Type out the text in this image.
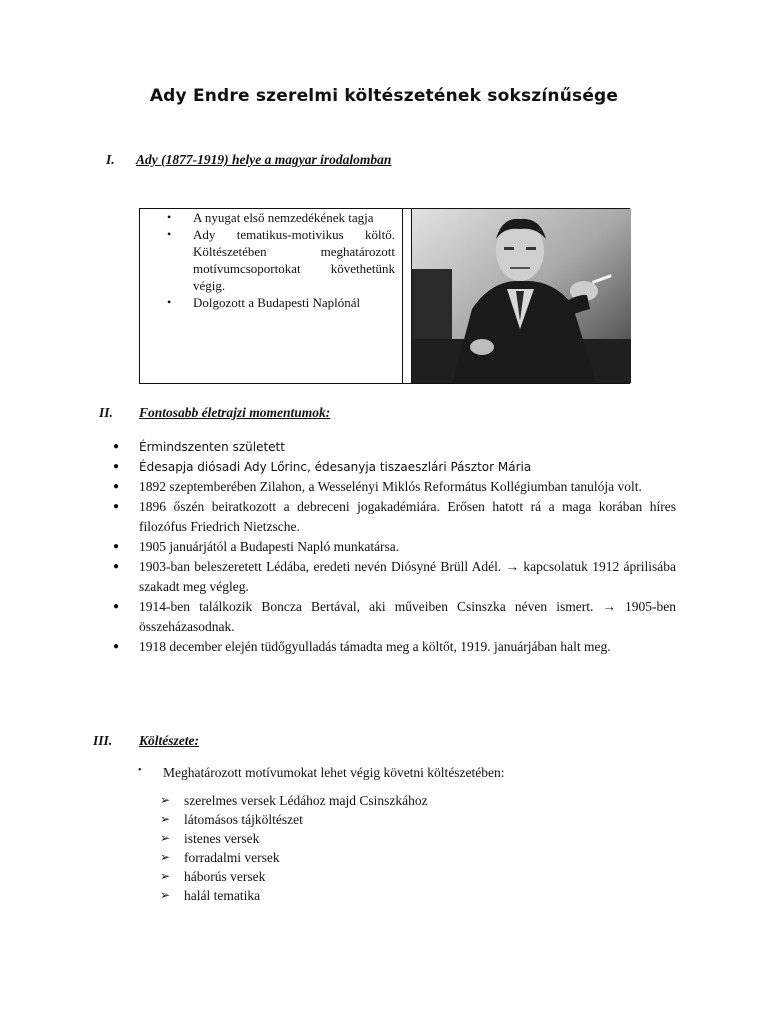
Ady Endre szerelmi költészetének sokszínűsége
I. Ady (1877-1919) helye a magyar irodalomban
• A nyugat első nemzedékének tagja
• Ady tematikus-motivikus költő. Költészetében meghatározott motívumcsoportokat követhetünk végig.
• Dolgozott a Budapesti Naplónál
II. Fontosabb életrajzi momentumok:
● Érmindszenten született
● Édesapja diósadi Ady Lőrinc, édesanyja tiszaeszlári Pásztor Mária
● 1892 szeptemberében Zilahon, a Wesselényi Miklós Református Kollégiumban tanulója volt.
● 1896 őszén beiratkozott a debreceni jogakadémiára. Erősen hatott rá a maga korában híres filozófus Friedrich Nietzsche.
● 1905 januárjától a Budapesti Napló munkatársa.
● 1903-ban beleszeretett Lédába, eredeti nevén Diósyné Brüll Adél. → kapcsolatuk 1912 áprilisába szakadt meg végleg.
● 1914-ben találkozik Boncza Bertával, aki műveiben Csinszka néven ismert. → 1905-ben összeházasodnak.
● 1918 december elején tüdőgyulladás támadta meg a költőt, 1919. januárjában halt meg.
III. Költészete:
• Meghatározott motívumokat lehet végig követni költészetében:
➢ szerelmes versek Lédához majd Csinszkához
➢ látomásos tájköltészet
➢ istenes versek
➢ forradalmi versek
➢ háborús versek
➢ halál tematika
